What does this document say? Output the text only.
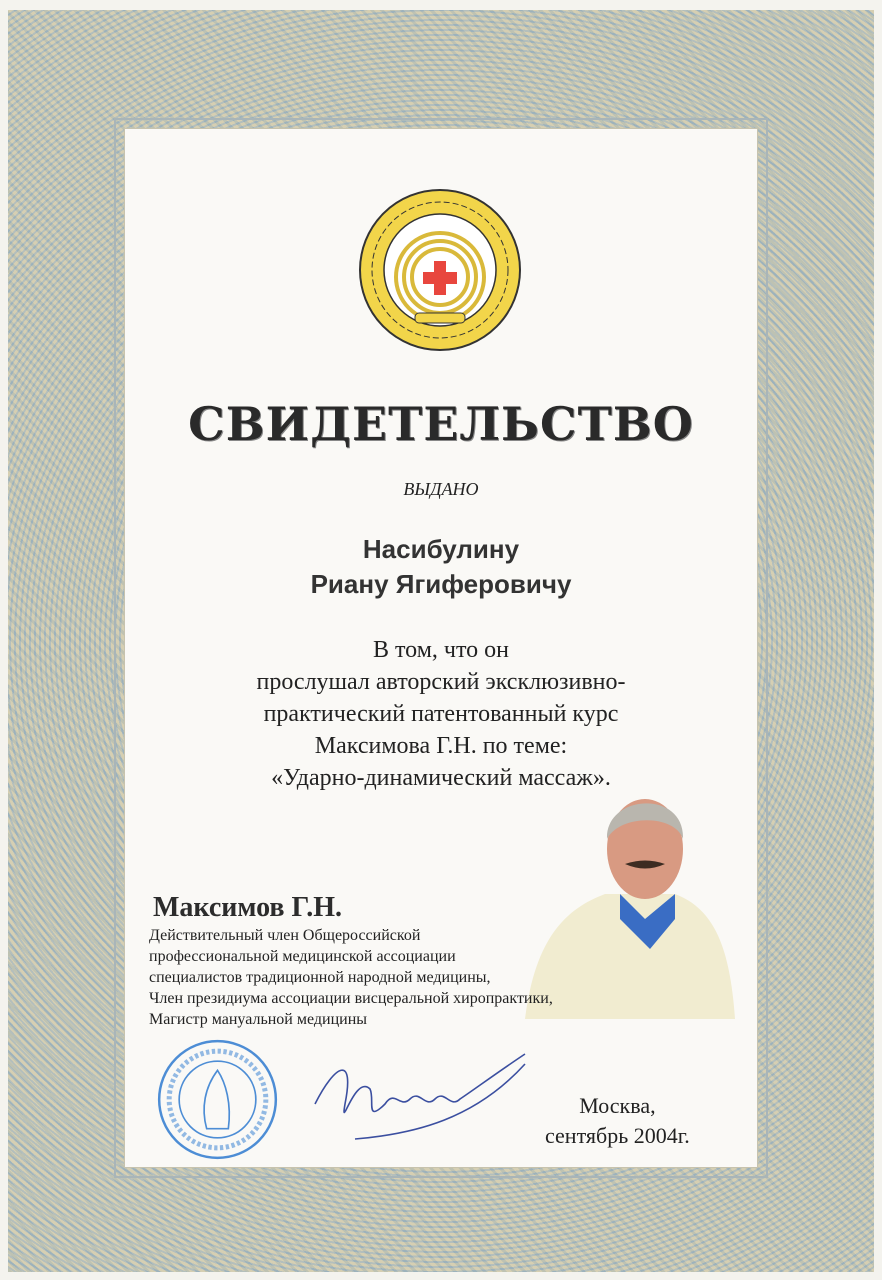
СВИДЕТЕЛЬСТВО
ВЫДАНО
Насибулину
Риану Ягиферовичу
В том, что он
прослушал авторский эксклюзивно-
практический патентованный курс
Максимова Г.Н. по теме:
«Ударно-динамический массаж».
Максимов Г.Н.
Действительный член Общероссийской
профессиональной медицинской ассоциации
специалистов традиционной народной медицины,
Член президиума ассоциации висцеральной хиропрактики,
Магистр мануальной медицины
Москва,
сентябрь 2004г.
